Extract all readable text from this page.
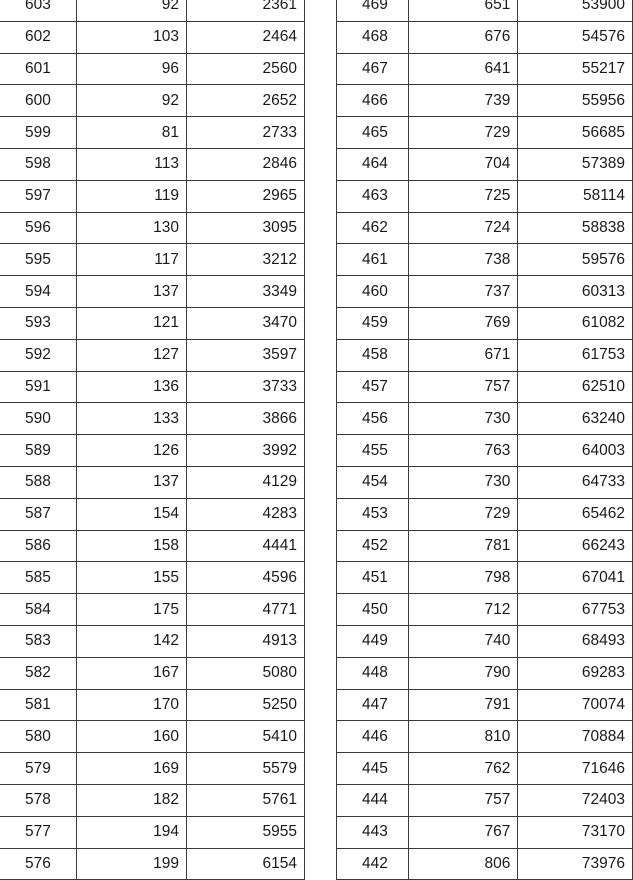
603	92	2361
602	103	2464
601	96	2560
600	92	2652
599	81	2733
598	113	2846
597	119	2965
596	130	3095
595	117	3212
594	137	3349
593	121	3470
592	127	3597
591	136	3733
590	133	3866
589	126	3992
588	137	4129
587	154	4283
586	158	4441
585	155	4596
584	175	4771
583	142	4913
582	167	5080
581	170	5250
580	160	5410
579	169	5579
578	182	5761
577	194	5955
576	199	6154
469	651	53900
468	676	54576
467	641	55217
466	739	55956
465	729	56685
464	704	57389
463	725	58114
462	724	58838
461	738	59576
460	737	60313
459	769	61082
458	671	61753
457	757	62510
456	730	63240
455	763	64003
454	730	64733
453	729	65462
452	781	66243
451	798	67041
450	712	67753
449	740	68493
448	790	69283
447	791	70074
446	810	70884
445	762	71646
444	757	72403
443	767	73170
442	806	73976
